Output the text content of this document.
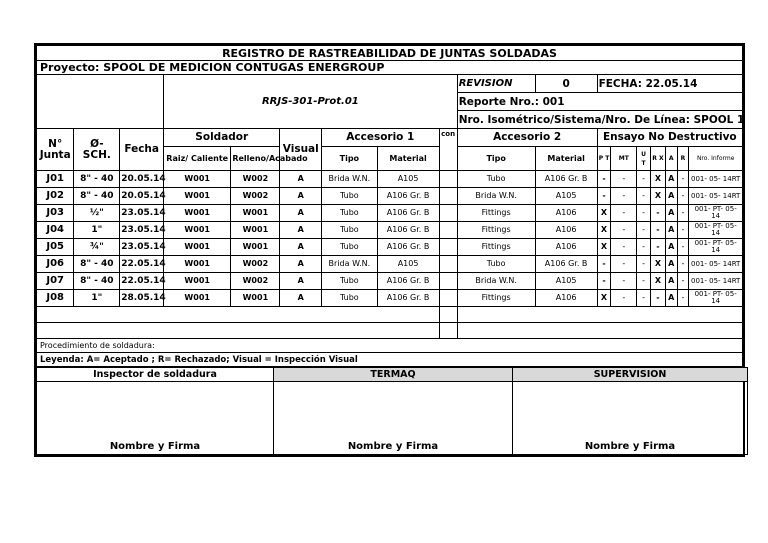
REGISTRO DE RASTREABILIDAD DE JUNTAS SOLDADAS																	
Proyecto: SPOOL DE MEDICION CONTUGAS ENERGROUP																	
			RRJS-301-Prot.01						REVISION	0	FECHA: 22.05.14						
									Reporte Nro.: 001								
									Nro. Isométrico/Sistema/Nro. De Línea: SPOOL 1								
N° Junta	Ø- SCH.	Fecha	Soldador		Visual	Accesorio 1		con	Accesorio 2		Ensayo No Destructivo						
			Raiz/ Caliente	Relleno/Acabado		Tipo	Material		Tipo	Material	P T	MT	U T	R X	A	R	Nro. Informe
J01	8" - 40	20.05.14	W001	W002	A	Brida W.N.	A105		Tubo	A106 Gr. B	-	-	-	X	A	-	001- 05- 14RT
J02	8" - 40	20.05.14	W001	W002	A	Tubo	A106 Gr. B		Brida W.N.	A105	-	-	-	X	A	-	001- 05- 14RT
J03	½"	23.05.14	W001	W001	A	Tubo	A106 Gr. B		Fittings	A106	X	-	-	-	A	-	001- PT- 05- 14
J04	1"	23.05.14	W001	W001	A	Tubo	A106 Gr. B		Fittings	A106	X	-	-	-	A	-	001- PT- 05- 14
J05	¾"	23.05.14	W001	W001	A	Tubo	A106 Gr. B		Fittings	A106	X	-	-	-	A	-	001- PT- 05- 14
J06	8" - 40	22.05.14	W001	W002	A	Brida W.N.	A105		Tubo	A106 Gr. B	-	-	-	X	A	-	001- 05- 14RT
J07	8" - 40	22.05.14	W001	W002	A	Tubo	A106 Gr. B		Brida W.N.	A105	-	-	-	X	A	-	001- 05- 14RT
J08	1"	28.05.14	W001	W001	A	Tubo	A106 Gr. B		Fittings	A106	X	-	-	-	A	-	001- PT- 05- 14

Procedimiento de soldadura:																	
Leyenda: A= Aceptado ; R= Rechazado; Visual = Inspección Visual																	
Inspector de soldadura	TERMAQ	SUPERVISION
Nombre y Firma	Nombre y Firma	Nombre y Firma
